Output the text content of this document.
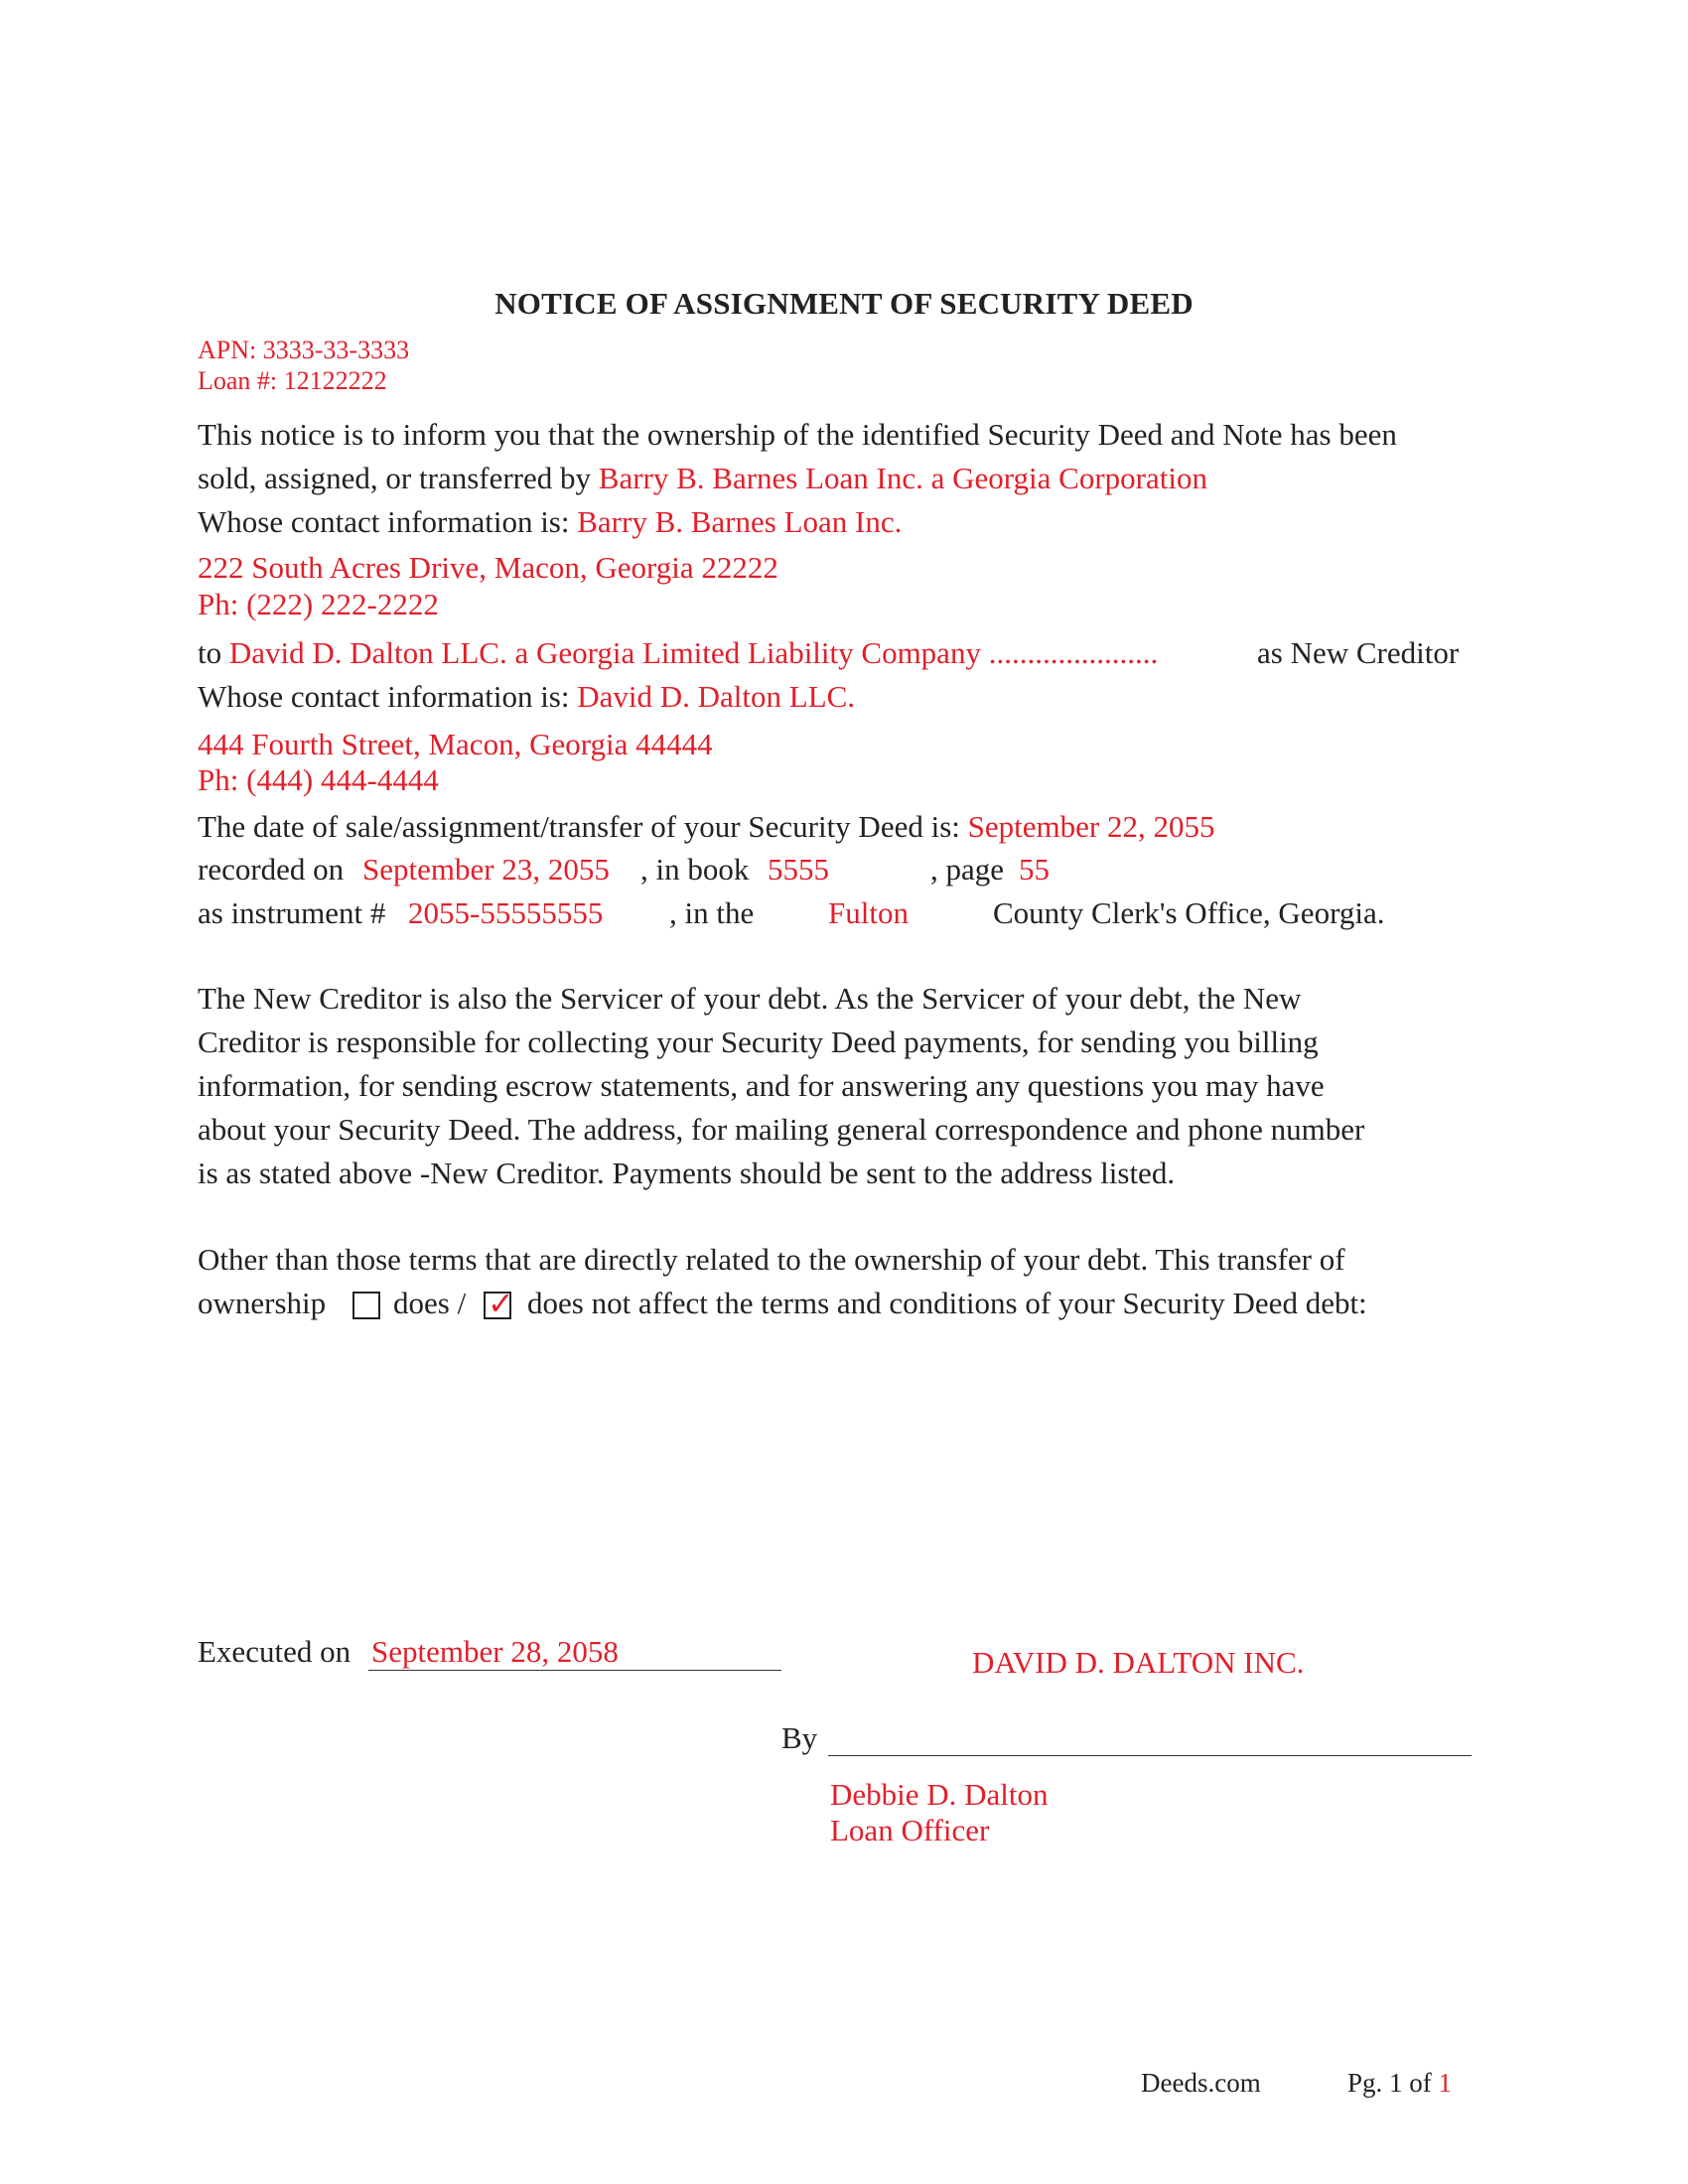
NOTICE OF ASSIGNMENT OF SECURITY DEED
APN: 3333-33-3333
Loan #: 12122222
This notice is to inform you that the ownership of the identified Security Deed and Note has been
sold, assigned, or transferred by Barry B. Barnes Loan Inc. a Georgia Corporation
Whose contact information is: Barry B. Barnes Loan Inc.
222 South Acres Drive, Macon, Georgia 22222
Ph: (222) 222-2222
to David D. Dalton LLC. a Georgia Limited Liability Company ......................	as New Creditor
Whose contact information is: David D. Dalton LLC.
444 Fourth Street, Macon, Georgia 44444
Ph: (444) 444-4444
The date of sale/assignment/transfer of your Security Deed is: September 22, 2055
recorded on September 23, 2055 , in book 5555	, page 55
as instrument # 2055-55555555 , in the Fulton	County Clerk's Office, Georgia.
The New Creditor is also the Servicer of your debt. As the Servicer of your debt, the New
Creditor is responsible for collecting your Security Deed payments, for sending you billing
information, for sending escrow statements, and for answering any questions you may have
about your Security Deed. The address, for mailing general correspondence and phone number
is as stated above -New Creditor. Payments should be sent to the address listed.
Other than those terms that are directly related to the ownership of your debt. This transfer of
ownership does / ✓ does not affect the terms and conditions of your Security Deed debt:
Executed on September 28, 2058	DAVID D. DALTON INC.
By
Debbie D. Dalton
Loan Officer
Deeds.com	Pg. 1 of 1
